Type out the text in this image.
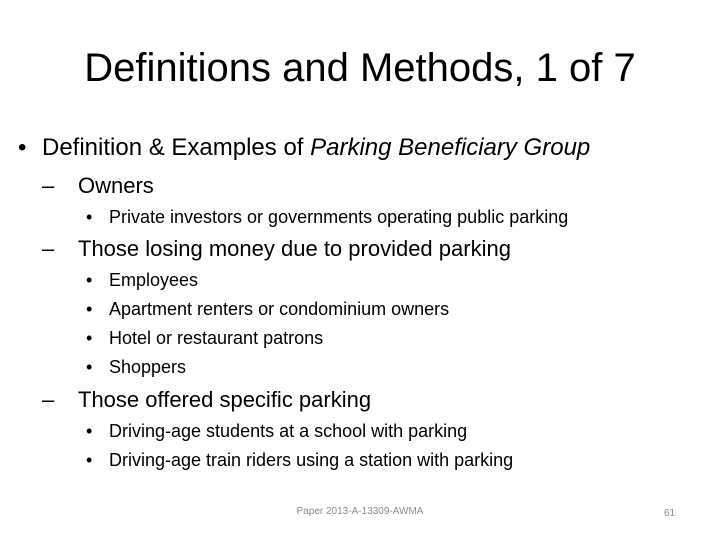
Definitions and Methods, 1 of 7
• Definition & Examples of Parking Beneficiary Group
– Owners
• Private investors or governments operating public parking
– Those losing money due to provided parking
• Employees
• Apartment renters or condominium owners
• Hotel or restaurant patrons
• Shoppers
– Those offered specific parking
• Driving-age students at a school with parking
• Driving-age train riders using a station with parking
Paper 2013-A-13309-AWMA	61
